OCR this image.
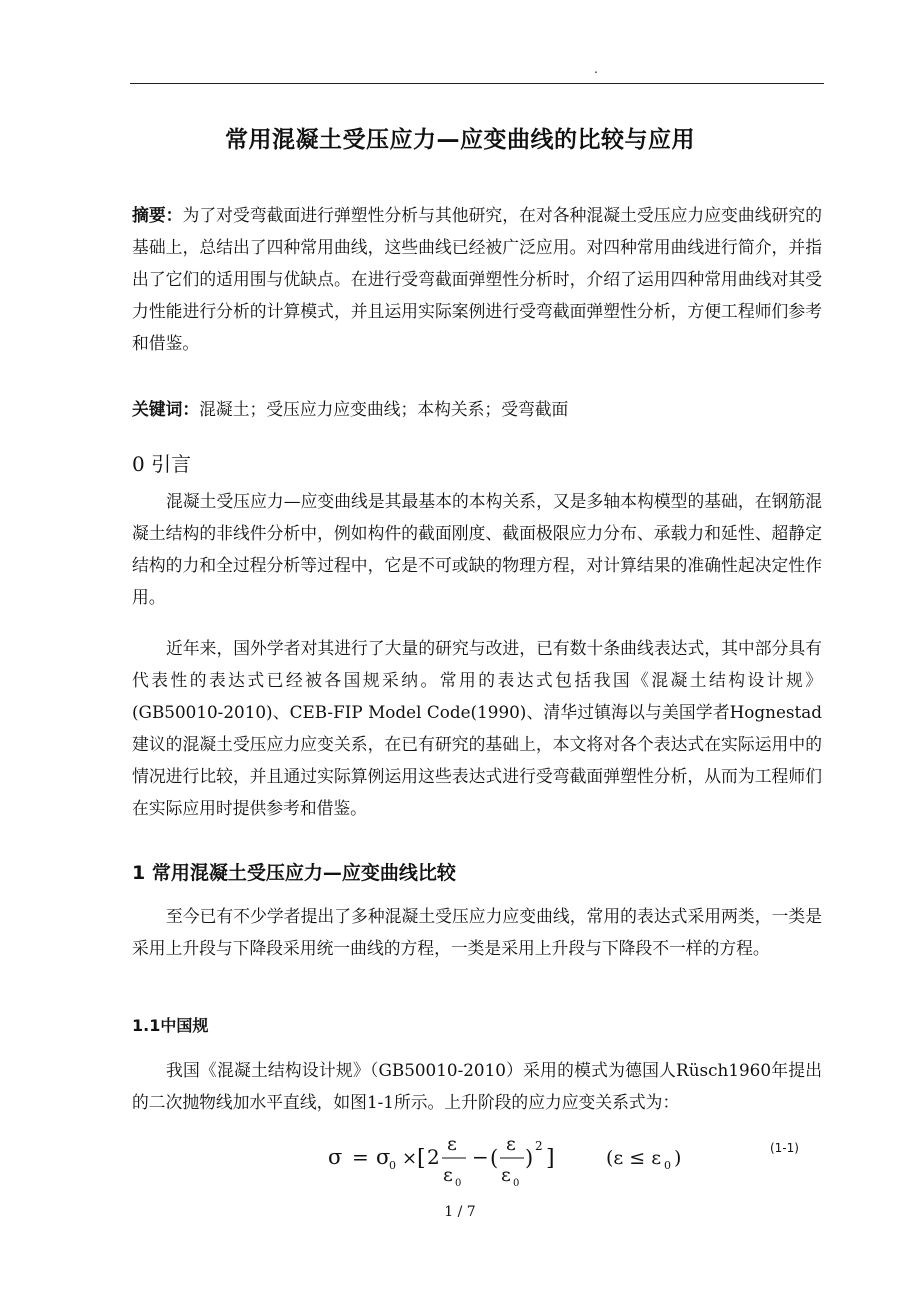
.
常用混凝土受压应力—应变曲线的比较与应用
摘要：为了对受弯截面进行弹塑性分析与其他研究，在对各种混凝土受压应力应变曲线研究的基础上，总结出了四种常用曲线，这些曲线已经被广泛应用。对四种常用曲线进行简介，并指出了它们的适用围与优缺点。在进行受弯截面弹塑性分析时，介绍了运用四种常用曲线对其受力性能进行分析的计算模式，并且运用实际案例进行受弯截面弹塑性分析，方便工程师们参考和借鉴。
关键词：混凝土；受压应力应变曲线；本构关系；受弯截面
0 引言
混凝土受压应力—应变曲线是其最基本的本构关系，又是多轴本构模型的基础，在钢筋混凝土结构的非线件分析中，例如构件的截面刚度、截面极限应力分布、承载力和延性、超静定结构的力和全过程分析等过程中，它是不可或缺的物理方程，对计算结果的准确性起决定性作用。
近年来，国外学者对其进行了大量的研究与改进，已有数十条曲线表达式，其中部分具有代表性的表达式已经被各国规采纳。常用的表达式包括我国《混凝土结构设计规》(GB50010-2010)、CEB-FIP Model Code(1990)、清华过镇海以与美国学者Hognestad建议的混凝土受压应力应变关系，在已有研究的基础上，本文将对各个表达式在实际运用中的情况进行比较，并且通过实际算例运用这些表达式进行受弯截面弹塑性分析，从而为工程师们在实际应用时提供参考和借鉴。
1 常用混凝土受压应力—应变曲线比较
至今已有不少学者提出了多种混凝土受压应力应变曲线，常用的表达式采用两类，一类是采用上升段与下降段采用统一曲线的方程，一类是采用上升段与下降段不一样的方程。
1.1中国规
我国《混凝土结构设计规》（GB50010-2010）采用的模式为德国人Rüsch1960年提出的二次抛物线加水平直线，如图1-1所示。上升阶段的应力应变关系式为：
σ = σ
0 × [ 2
ε
ε 0
− (
ε
ε 0
) 2 ]	(ε ≤ ε 0 )	(1-1)
1 / 7
